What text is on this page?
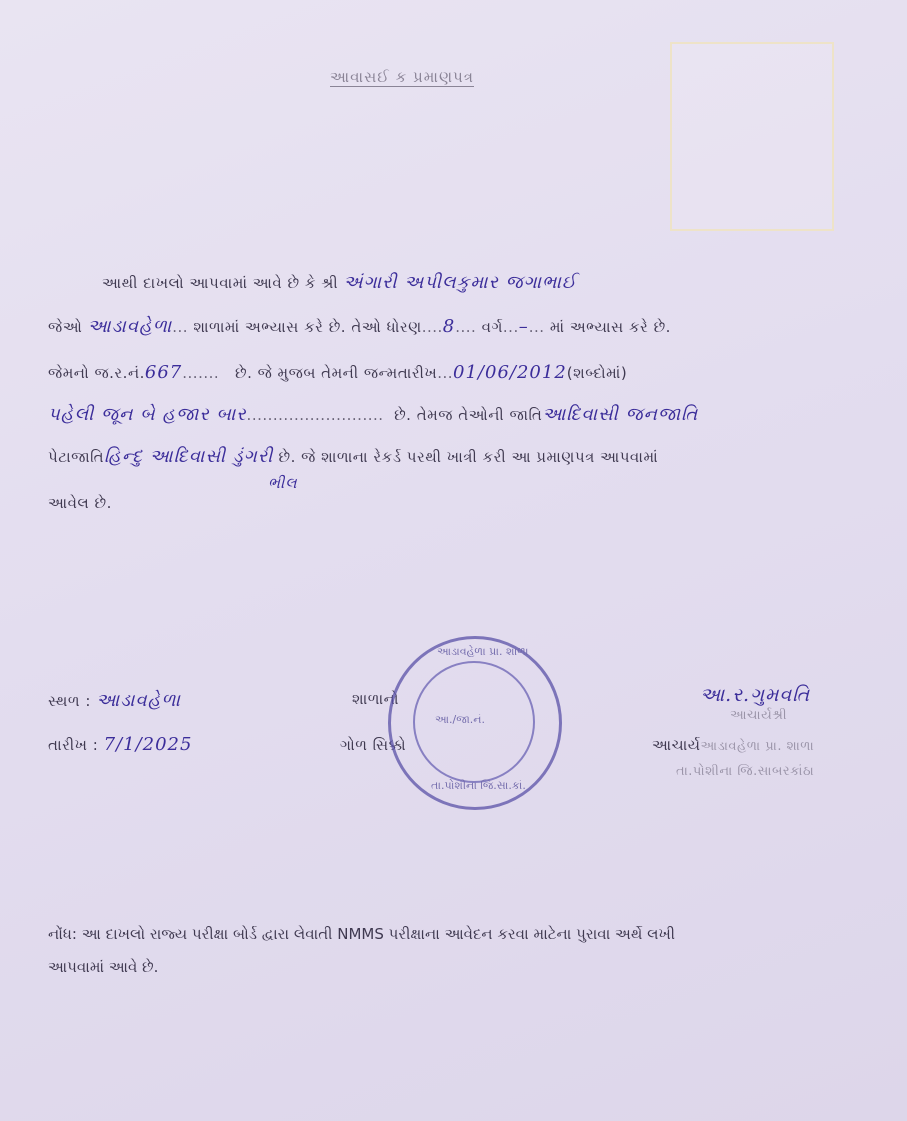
આવાસ‌ઈ ક પ્રમાણપત્ર
આથી દાખલો આપવામાં આવે છે કે શ્રી અંગારી અપીલકુમાર જગાભાઈ
જેઓ આડાવહેળા... શાળામાં અભ્યાસ કરે છે. તેઓ ધોરણ....8.... વર્ગ...–... માં અભ્યાસ કરે છે.
જેમનો જ.ર.નં.667....... છે. જે મુજબ તેમની જન્મતારીખ...01/06/2012(શબ્દોમાં)
પહેલી જૂન બે હજાર બાર.......................... છે. તેમજ તેઓની જાતિઆદિવાસી જનજાતિ
પેટાજાતિહિન્દુ આદિવાસી ડુંગરી છે. જે શાળાના રેકર્ડ પરથી ખાત્રી કરી આ પ્રમાણપત્ર આપવામાં
ભીલ
આવેલ છે.
સ્થળ : આડાવહેળા
તારીખ : 7/1/2025
શાળાનો
ગોળ સિક્કો
આડાવહેળા પ્રા. શાળા
આ./જા.નં.
તા.પોશીના જિ.સા.કાં.
આ.ર.ગુમવતિ
આચાર્યશ્રી
આચાર્યઆડાવહેળા પ્રા. શાળા
તા.પોશીના જિ.સાબરકાંઠા
નોંધ: આ દાખલો રાજ્ય પરીક્ષા બોર્ડ દ્વારા લેવાતી NMMS પરીક્ષાના આવેદન કરવા માટેના પુરાવા અર્થે લખી
આપવામાં આવે છે.
